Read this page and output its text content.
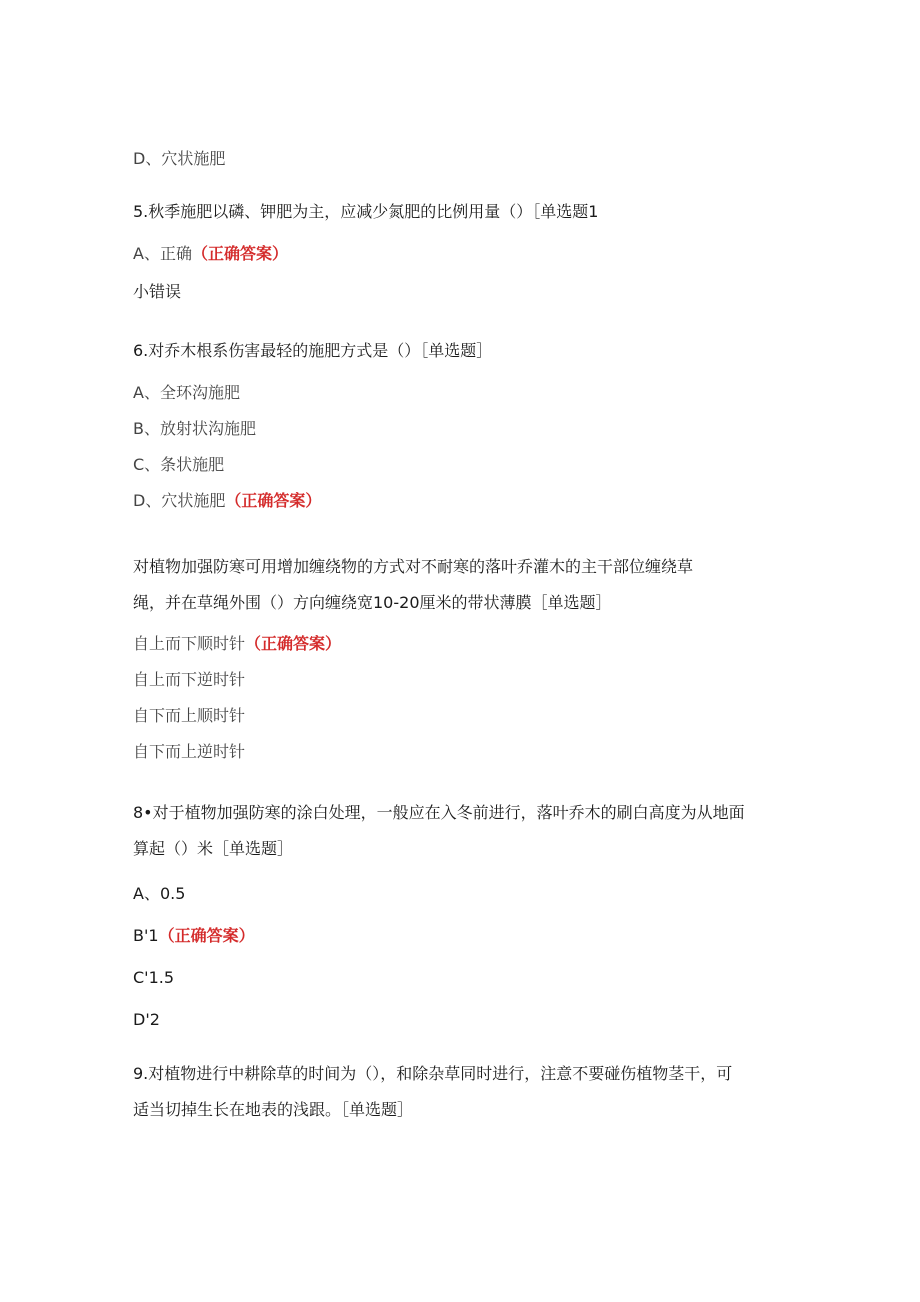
D、穴状施肥
5.秋季施肥以磷、钾肥为主，应减少氮肥的比例用量（）［单选题1
A、正确（正确答案）
小错误
6.对乔木根系伤害最轻的施肥方式是（）［单选题］
A、全环沟施肥
B、放射状沟施肥
C、条状施肥
D、穴状施肥（正确答案）
对植物加强防寒可用增加缠绕物的方式对不耐寒的落叶乔灌木的主干部位缠绕草
绳，并在草绳外围（）方向缠绕宽10-20厘米的带状薄膜［单选题］
自上而下顺时针（正确答案）
自上而下逆时针
自下而上顺时针
自下而上逆时针
8•对于植物加强防寒的涂白处理，一般应在入冬前进行，落叶乔木的刷白高度为从地面
算起（）米［单选题］
A、0.5
B'1（正确答案）
C'1.5
D'2
9.对植物进行中耕除草的时间为（），和除杂草同时进行，注意不要碰伤植物茎干，可
适当切掉生长在地表的浅跟。［单选题］
